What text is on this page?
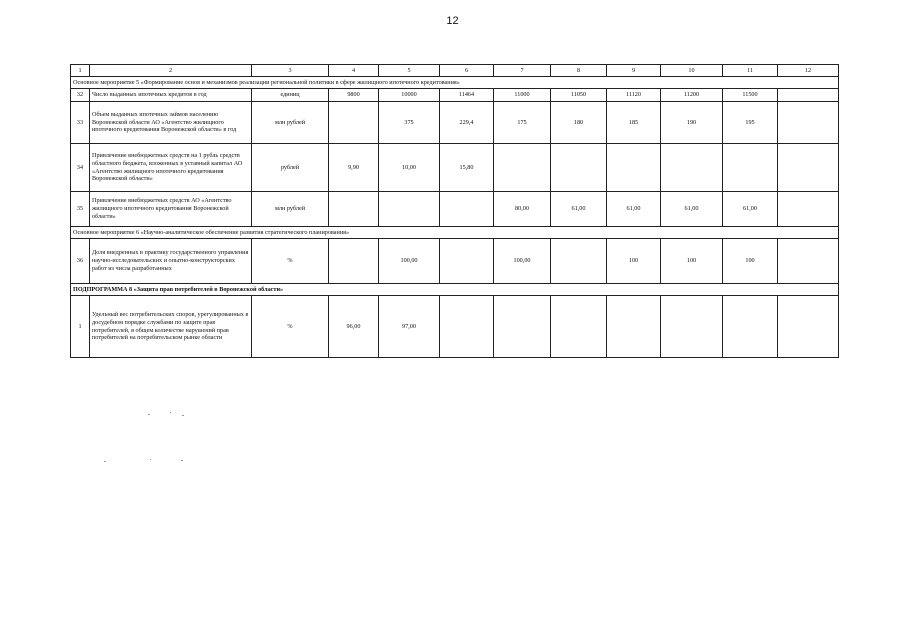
12
1	2	3	4	5	6	7	8	9	10	11	12
Основное мероприятие 5 «Формирование основ и механизмов реализации региональной политики в сфере жилищного ипотечного кредитования»											
32	Число выданных ипотечных кредитов в год	единиц	9800	10000	11464	11000	11050	11120	11200	11500	
33	Объем выданных ипотечных займов населению Воронежской области АО «Агентство жилищного ипотечного кредитования Воронежской области» в год	млн рублей		375	229,4	175	180	185	190	195	
34	Привлечение внебюджетных средств на 1 рубль средств областного бюджета, вложенных в уставный капитал АО «Агентство жилищного ипотечного кредитования Воронежской области»	рублей	9,90	10,00	15,80						
35	Привлечение внебюджетных средств АО «Агентство жилищного ипотечного кредитования Воронежской области»	млн рублей				80,00	61,00	61,00	61,00	61,00	
Основное мероприятие 6 «Научно-аналитическое обеспечение развития стратегического планирования»											
36	Доля внедренных в практику государственного управления научно-исследовательских и опытно-конструкторских работ из числа разработанных	%		100,00		100,00		100	100	100	
ПОДПРОГРАММА 8 «Защита прав потребителей в Воронежской области»											
1	Удельный вес потребительских споров, урегулированных в досудебном порядке службами по защите прав потребителей, в общем количестве нарушений прав потребителей на потребительском рынке области	%	96,00	97,00							
